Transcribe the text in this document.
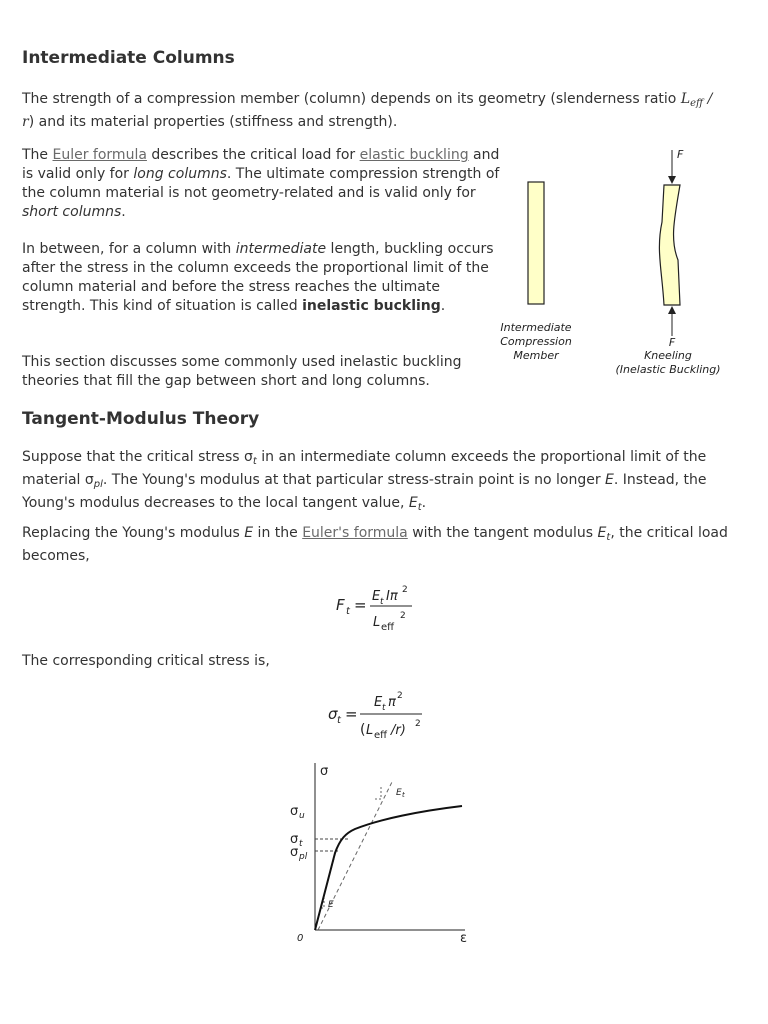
Intermediate Columns

The strength of a compression member (column) depends on its geometry (slenderness ratio $L_{eff} / r$) and its material properties (stiffness and strength).

The Euler formula describes the critical load for elastic buckling and is valid only for long columns. The ultimate compression strength of the column material is not geometry-related and is valid only for short columns.

In between, for a column with intermediate length, buckling occurs after the stress in the column exceeds the proportional limit of the column material and before the stress reaches the ultimate strength. This kind of situation is called inelastic buckling.

This section discusses some commonly used inelastic buckling theories that fill the gap between short and long columns.

Intermediate
Compression
Member
F
F
Kneeling
(Inelastic Buckling)
Tangent-Modulus Theory

Suppose that the critical stress $\sigma_t$ in an intermediate column exceeds the proportional limit of the material $\sigma_{pl}$. The Young's modulus at that particular stress-strain point is no longer E. Instead, the Young's modulus decreases to the local tangent value, $E_t$.

Replacing the Young's modulus E in the Euler's formula with the tangent modulus $E_t$, the critical load becomes,

F t = E t Iπ 2
L eff
2

The corresponding critical stress is,

σ t =
E t π 2
( L eff /r) 2
σ
ε
0
σ u
σ t
σ pl
E t
E
